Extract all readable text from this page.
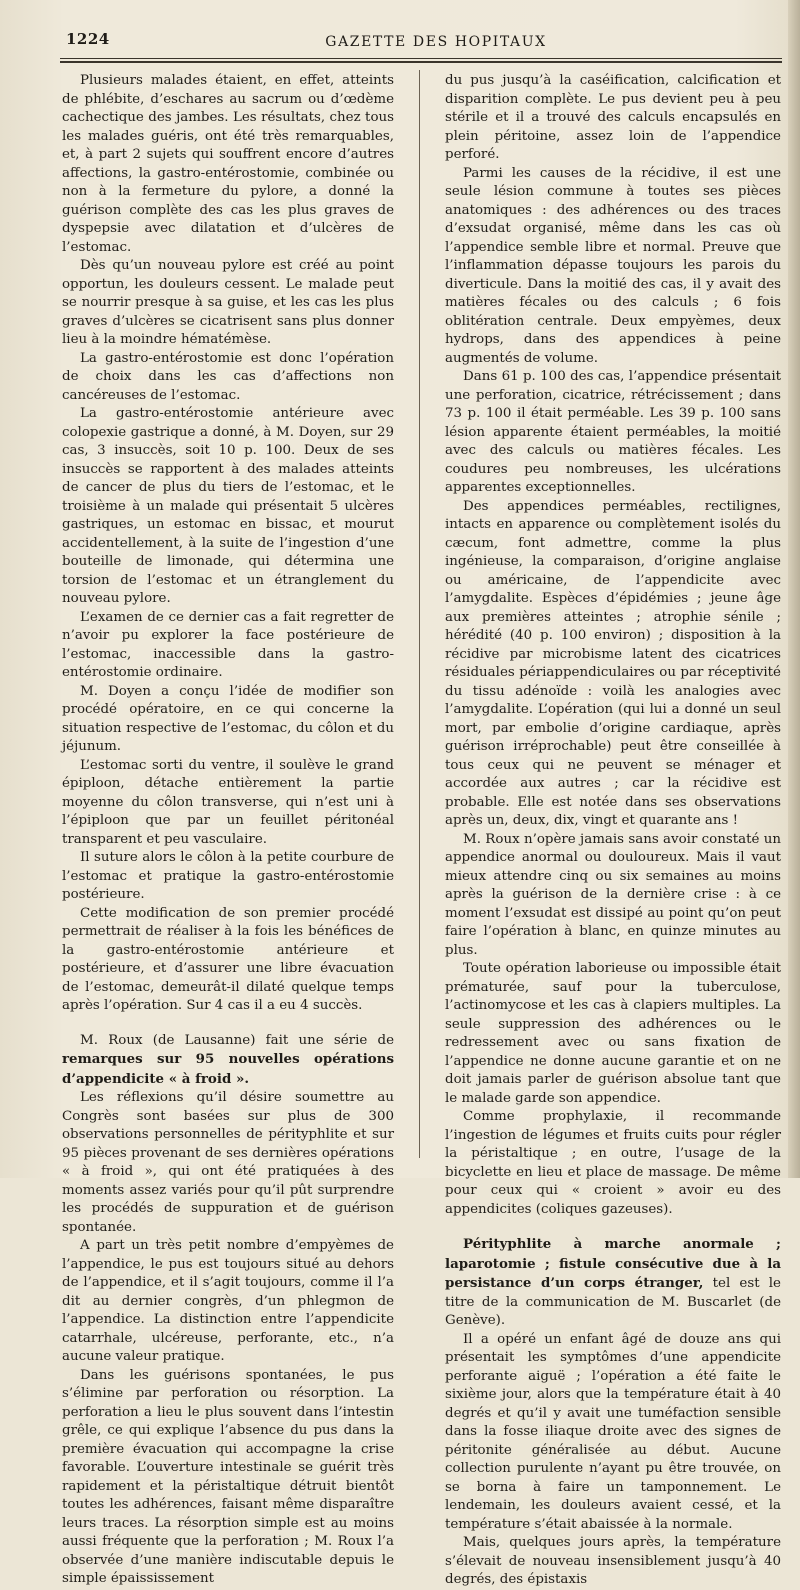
1224	GAZETTE DES HOPITAUX

Plusieurs malades étaient, en effet, atteints de phlébite, d’eschares au sacrum ou d’œdème cachectique des jambes. Les résultats, chez tous les malades guéris, ont été très remarquables, et, à part 2 sujets qui souffrent encore d’autres affections, la gastro-entérostomie, combinée ou non à la fermeture du pylore, a donné la guérison complète des cas les plus graves de dyspepsie avec dilatation et d’ulcères de l’estomac.

Dès qu’un nouveau pylore est créé au point opportun, les douleurs cessent. Le malade peut se nourrir presque à sa guise, et les cas les plus graves d’ulcères se cicatrisent sans plus donner lieu à la moindre hématémèse.

La gastro-entérostomie est donc l’opération de choix dans les cas d’affections non cancéreuses de l’estomac.

La gastro-entérostomie antérieure avec colopexie gastrique a donné, à M. Doyen, sur 29 cas, 3 insuccès, soit 10 p. 100. Deux de ses insuccès se rapportent à des malades atteints de cancer de plus du tiers de l’estomac, et le troisième à un malade qui présentait 5 ulcères gastriques, un estomac en bissac, et mourut accidentellement, à la suite de l’ingestion d’une bouteille de limonade, qui détermina une torsion de l’estomac et un étranglement du nouveau pylore.

L’examen de ce dernier cas a fait regretter de n’avoir pu explorer la face postérieure de l’estomac, inaccessible dans la gastro-entérostomie ordinaire.

M. Doyen a conçu l’idée de modifier son procédé opératoire, en ce qui concerne la situation respective de l’estomac, du côlon et du jéjunum.

L’estomac sorti du ventre, il soulève le grand épiploon, détache entièrement la partie moyenne du côlon transverse, qui n’est uni à l’épiploon que par un feuillet péritonéal transparent et peu vasculaire.

Il suture alors le côlon à la petite courbure de l’estomac et pratique la gastro-entérostomie postérieure.

Cette modification de son premier procédé permettrait de réaliser à la fois les bénéfices de la gastro-entérostomie antérieure et postérieure, et d’assurer une libre évacuation de l’estomac, demeurât-il dilaté quelque temps après l’opération. Sur 4 cas il a eu 4 succès.

M. Roux (de Lausanne) fait une série de remarques sur 95 nouvelles opérations d’appendicite « à froid ».

Les réflexions qu’il désire soumettre au Congrès sont basées sur plus de 300 observations personnelles de pérityphlite et sur 95 pièces provenant de ses dernières opérations « à froid », qui ont été pratiquées à des moments assez variés pour qu’il pût surprendre les procédés de suppuration et de guérison spontanée.

A part un très petit nombre d’empyèmes de l’appendice, le pus est toujours situé au dehors de l’appendice, et il s’agit toujours, comme il l’a dit au dernier congrès, d’un phlegmon de l’appendice. La distinction entre l’appendicite catarrhale, ulcéreuse, perforante, etc., n’a aucune valeur pratique.

Dans les guérisons spontanées, le pus s’élimine par perforation ou résorption. La perforation a lieu le plus souvent dans l’intestin grêle, ce qui explique l’absence du pus dans la première évacuation qui accompagne la crise favorable. L’ouverture intestinale se guérit très rapidement et la péristaltique détruit bientôt toutes les adhérences, faisant même disparaître leurs traces. La résorption simple est au moins aussi fréquente que la perforation ; M. Roux l’a observée d’une manière indiscutable depuis le simple épaississement

du pus jusqu’à la caséification, calcification et disparition complète. Le pus devient peu à peu stérile et il a trouvé des calculs encapsulés en plein péritoine, assez loin de l’appendice perforé.

Parmi les causes de la récidive, il est une seule lésion commune à toutes ses pièces anatomiques : des adhérences ou des traces d’exsudat organisé, même dans les cas où l’appendice semble libre et normal. Preuve que l’inflammation dépasse toujours les parois du diverticule. Dans la moitié des cas, il y avait des matières fécales ou des calculs ; 6 fois oblitération centrale. Deux empyèmes, deux hydrops, dans des appendices à peine augmentés de volume.

Dans 61 p. 100 des cas, l’appendice présentait une perforation, cicatrice, rétrécissement ; dans 73 p. 100 il était perméable. Les 39 p. 100 sans lésion apparente étaient perméables, la moitié avec des calculs ou matières fécales. Les coudures peu nombreuses, les ulcérations apparentes exceptionnelles.

Des appendices perméables, rectilignes, intacts en apparence ou complètement isolés du cæcum, font admettre, comme la plus ingénieuse, la comparaison, d’origine anglaise ou américaine, de l’appendicite avec l’amygdalite. Espèces d’épidémies ; jeune âge aux premières atteintes ; atrophie sénile ; hérédité (40 p. 100 environ) ; disposition à la récidive par microbisme latent des cicatrices résiduales périappendiculaires ou par réceptivité du tissu adénoïde : voilà les analogies avec l’amygdalite. L’opération (qui lui a donné un seul mort, par embolie d’origine cardiaque, après guérison irréprochable) peut être conseillée à tous ceux qui ne peuvent se ménager et accordée aux autres ; car la récidive est probable. Elle est notée dans ses observations après un, deux, dix, vingt et quarante ans !

M. Roux n’opère jamais sans avoir constaté un appendice anormal ou douloureux. Mais il vaut mieux attendre cinq ou six semaines au moins après la guérison de la dernière crise : à ce moment l’exsudat est dissipé au point qu’on peut faire l’opération à blanc, en quinze minutes au plus.

Toute opération laborieuse ou impossible était prématurée, sauf pour la tuberculose, l’actinomycose et les cas à clapiers multiples. La seule suppression des adhérences ou le redressement avec ou sans fixation de l’appendice ne donne aucune garantie et on ne doit jamais parler de guérison absolue tant que le malade garde son appendice.

Comme prophylaxie, il recommande l’ingestion de légumes et fruits cuits pour régler la péristaltique ; en outre, l’usage de la bicyclette en lieu et place de massage. De même pour ceux qui « croient » avoir eu des appendicites (coliques gazeuses).

Pérityphlite à marche anormale ; laparotomie ; fistule consécutive due à la persistance d’un corps étranger, tel est le titre de la communication de M. Buscarlet (de Genève).

Il a opéré un enfant âgé de douze ans qui présentait les symptômes d’une appendicite perforante aiguë ; l’opération a été faite le sixième jour, alors que la température était à 40 degrés et qu’il y avait une tuméfaction sensible dans la fosse iliaque droite avec des signes de péritonite généralisée au début. Aucune collection purulente n’ayant pu être trouvée, on se borna à faire un tamponnement. Le lendemain, les douleurs avaient cessé, et la température s’était abaissée à la normale.

Mais, quelques jours après, la température s’élevait de nouveau insensiblement jusqu’à 40 degrés, des épistaxis
